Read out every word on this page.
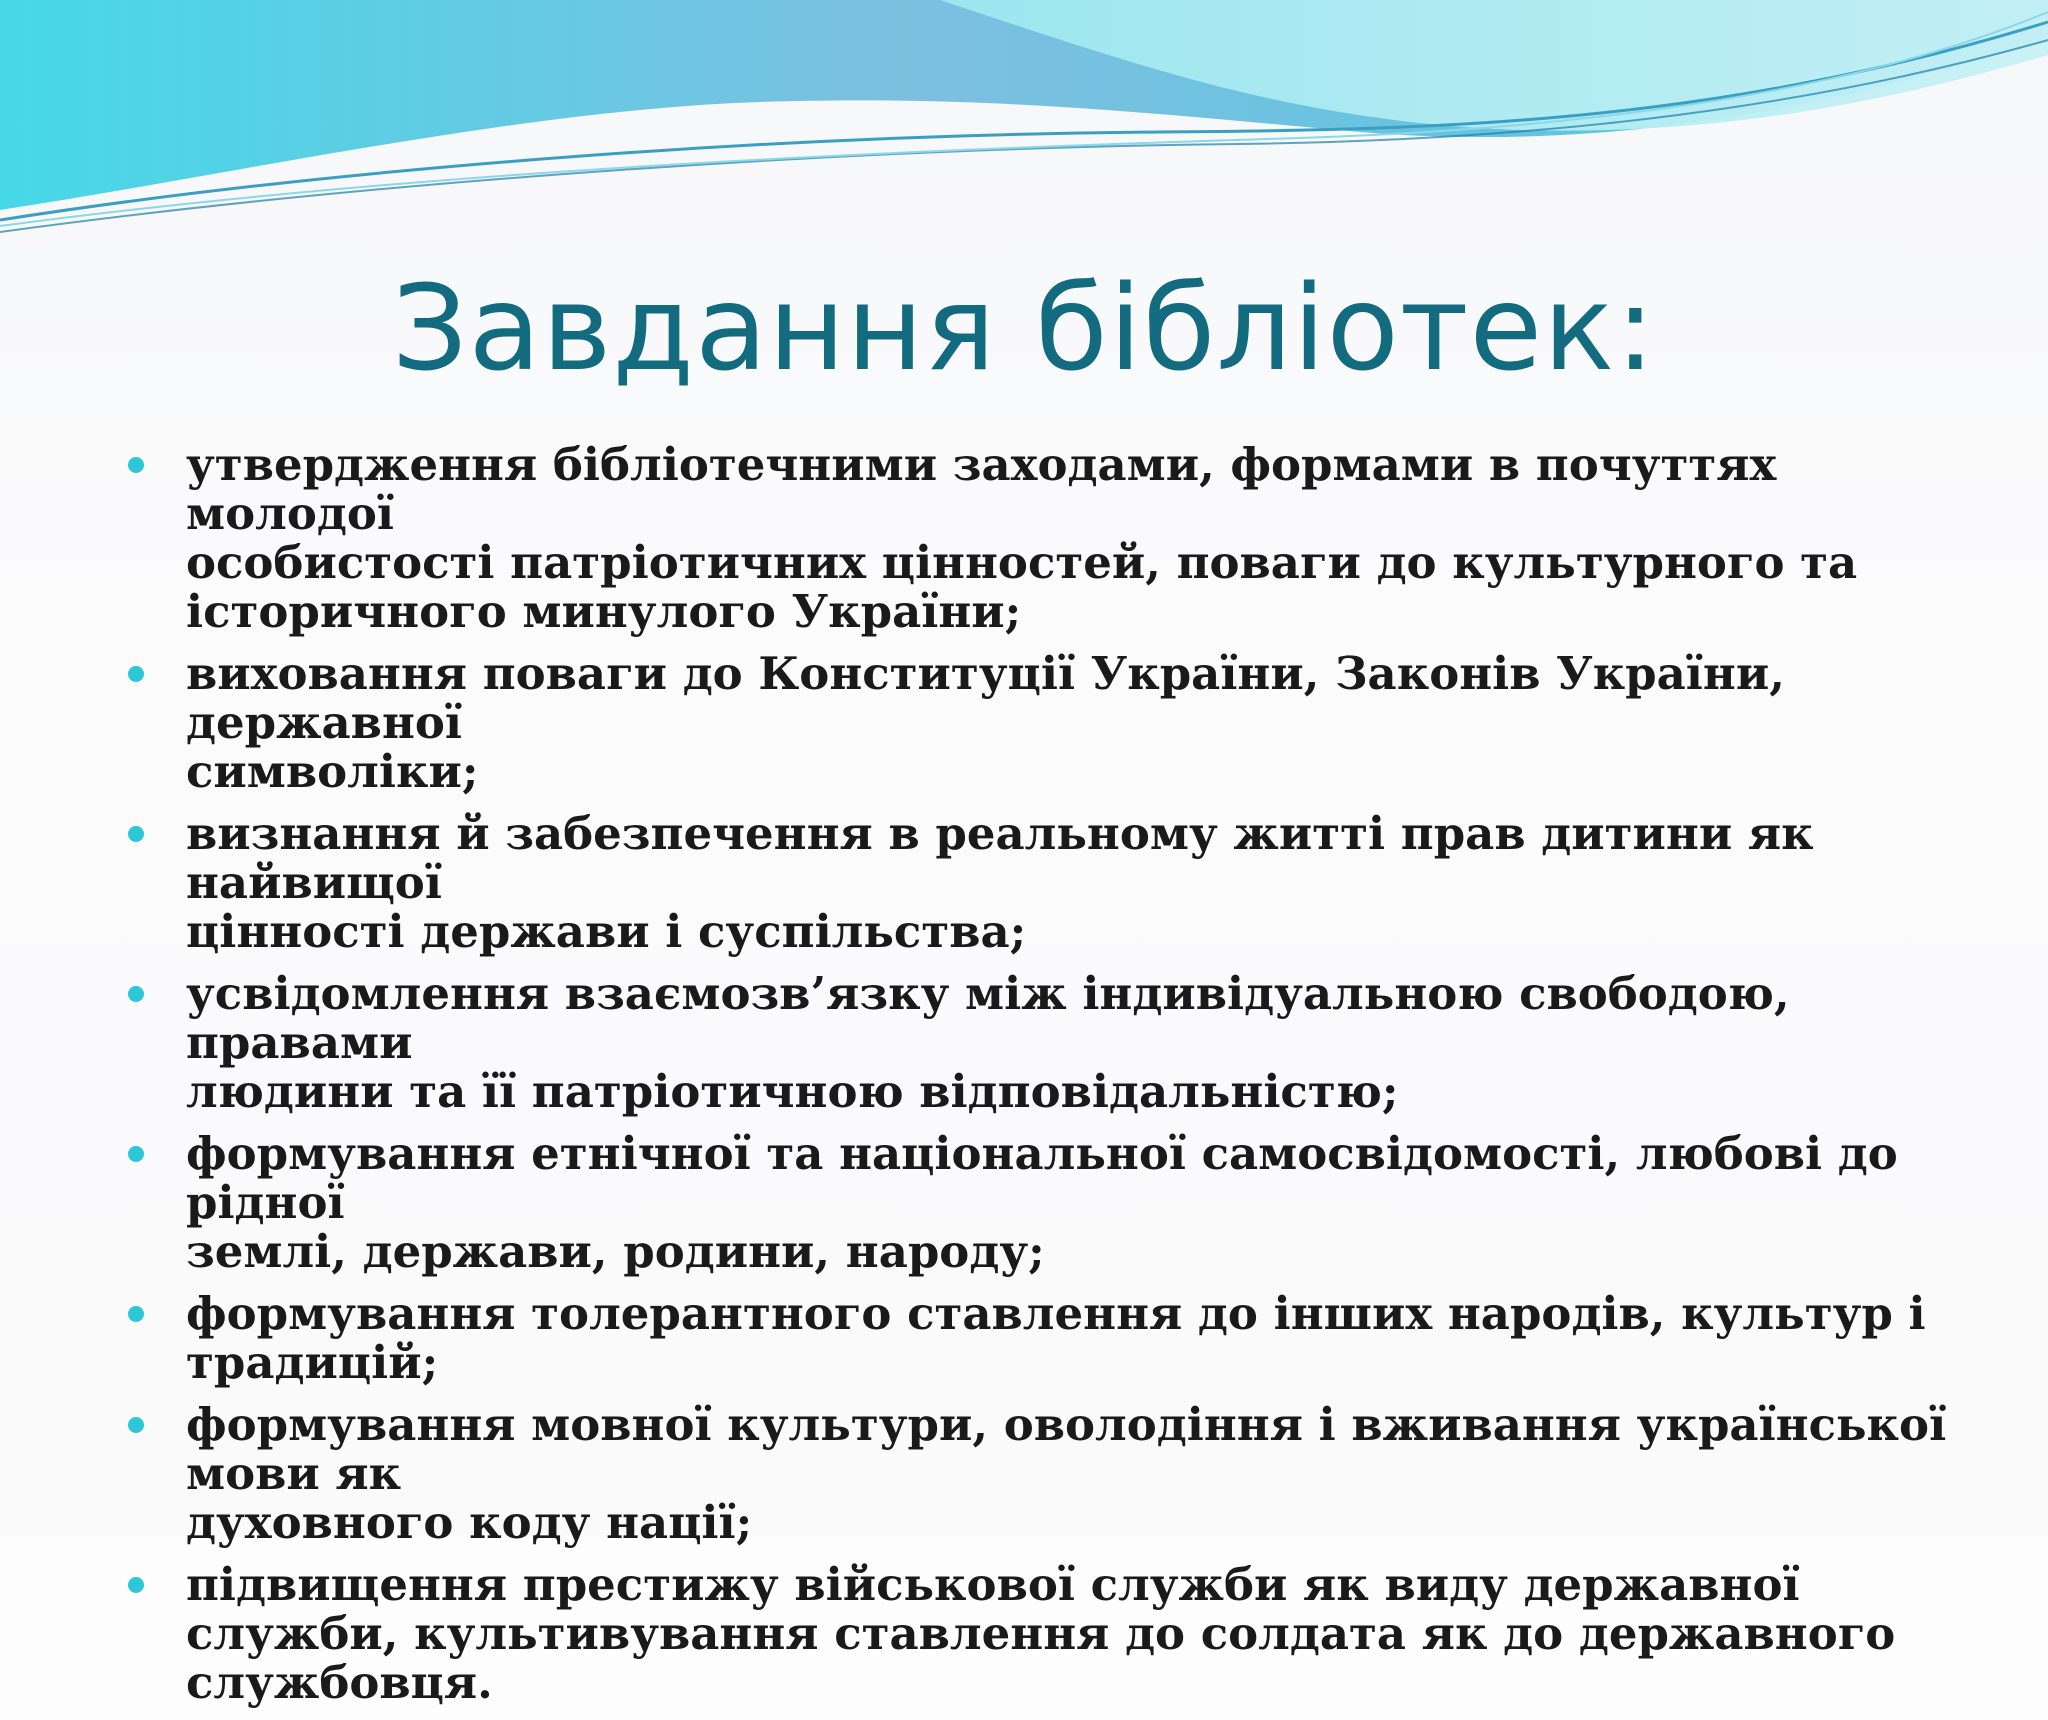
Завдання бібліотек:
утвердження бібліотечними заходами, формами в почуттях молодої
особистості патріотичних цінностей, поваги до культурного та
історичного минулого України;
виховання поваги до Конституції України, Законів України, державної
символіки;
визнання й забезпечення в реальному житті прав дитини як найвищої
цінності держави і суспільства;
усвідомлення взаємозв’язку між індивідуальною свободою, правами
людини та її патріотичною відповідальністю;
формування етнічної та національної самосвідомості, любові до рідної
землі, держави, родини, народу;
формування толерантного ставлення до інших народів, культур і традицій;
формування мовної культури, оволодіння і вживання української мови як
духовного коду нації;
підвищення престижу військової служби як виду державної
служби, культивування ставлення до солдата як до державного службовця.
